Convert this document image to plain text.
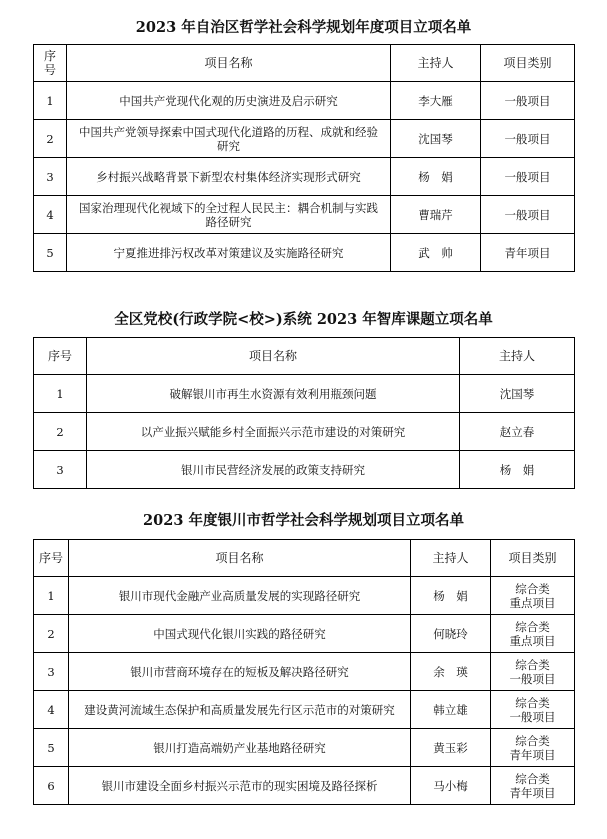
2023 年自治区哲学社会科学规划年度项目立项名单
序号	项目名称	主持人	项目类别
1	中国共产党现代化观的历史演进及启示研究	李大雁	一般项目
2	中国共产党领导探索中国式现代化道路的历程、成就和经验研究	沈国琴	一般项目
3	乡村振兴战略背景下新型农村集体经济实现形式研究	杨　娟	一般项目
4	国家治理现代化视域下的全过程人民民主：耦合机制与实践路径研究	曹瑞芹	一般项目
5	宁夏推进排污权改革对策建议及实施路径研究	武　帅	青年项目
全区党校(行政学院<校>)系统 2023 年智库课题立项名单
序号	项目名称	主持人
1	破解银川市再生水资源有效利用瓶颈问题	沈国琴
2	以产业振兴赋能乡村全面振兴示范市建设的对策研究	赵立春
3	银川市民营经济发展的政策支持研究	杨　娟
2023 年度银川市哲学社会科学规划项目立项名单
序号	项目名称	主持人	项目类别
1	银川市现代金融产业高质量发展的实现路径研究	杨　娟	综合类
重点项目

2	中国式现代化银川实践的路径研究	何晓玲	综合类
重点项目

3	银川市营商环境存在的短板及解决路径研究	余　瑛	综合类
一般项目

4	建设黄河流域生态保护和高质量发展先行区示范市的对策研究	韩立雄	综合类
一般项目

5	银川打造高端奶产业基地路径研究	黄玉彩	综合类
青年项目

6	银川市建设全面乡村振兴示范市的现实困境及路径探析	马小梅	综合类
青年项目
